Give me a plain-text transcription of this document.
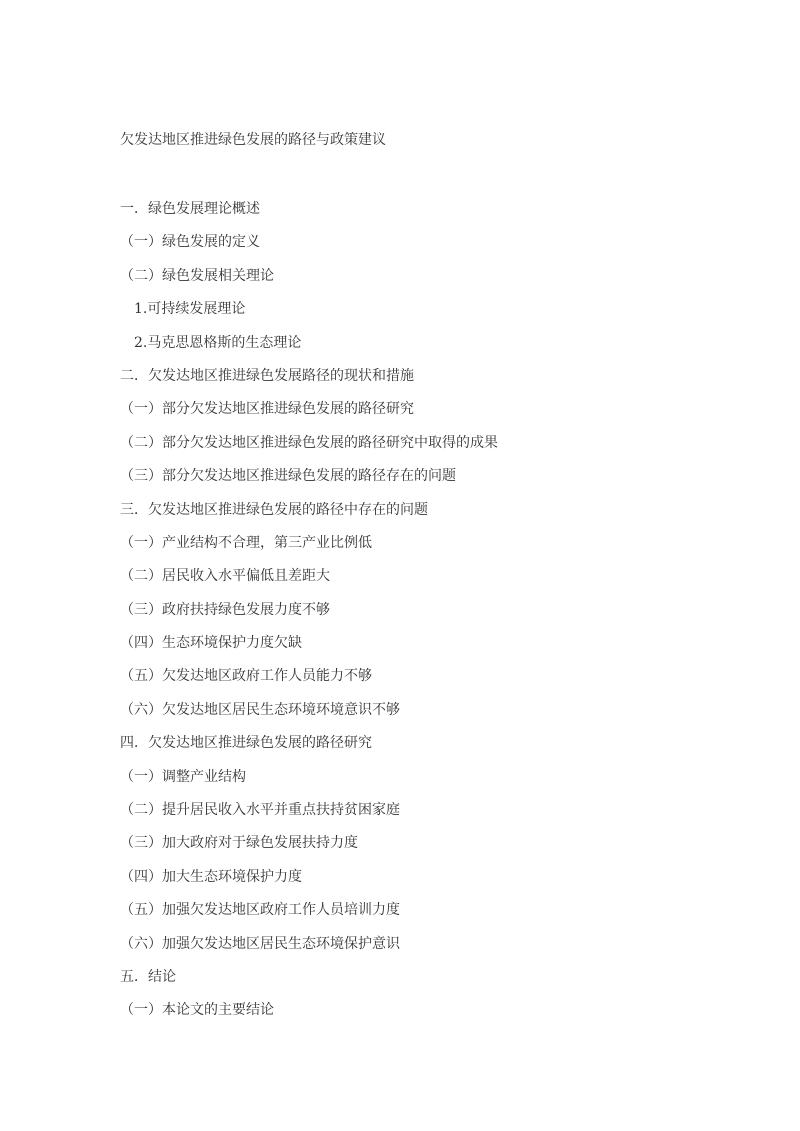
欠发达地区推进绿色发展的路径与政策建议
一．绿色发展理论概述
（一）绿色发展的定义
（二）绿色发展相关理论
1.可持续发展理论
2.马克思恩格斯的生态理论
二．欠发达地区推进绿色发展路径的现状和措施
（一）部分欠发达地区推进绿色发展的路径研究
（二）部分欠发达地区推进绿色发展的路径研究中取得的成果
（三）部分欠发达地区推进绿色发展的路径存在的问题
三．欠发达地区推进绿色发展的路径中存在的问题
（一）产业结构不合理，第三产业比例低
（二）居民收入水平偏低且差距大
（三）政府扶持绿色发展力度不够
（四）生态环境保护力度欠缺
（五）欠发达地区政府工作人员能力不够
（六）欠发达地区居民生态环境环境意识不够
四．欠发达地区推进绿色发展的路径研究
（一）调整产业结构
（二）提升居民收入水平并重点扶持贫困家庭
（三）加大政府对于绿色发展扶持力度
（四）加大生态环境保护力度
（五）加强欠发达地区政府工作人员培训力度
（六）加强欠发达地区居民生态环境保护意识
五．结论
（一）本论文的主要结论
